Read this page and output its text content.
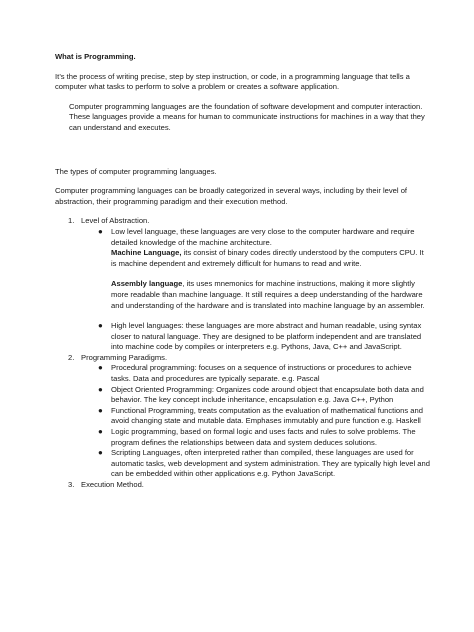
What is Programming.

It’s the process of writing precise, step by step instruction, or code, in a programming language that tells a computer what tasks to perform to solve a problem or creates a software application.

Computer programming languages are the foundation of software development and computer interaction. These languages provide a means for human to communicate instructions for machines in a way that they can understand and executes.

The types of computer programming languages.

Computer programming languages can be broadly categorized in several ways, including by their level of abstraction, their programming paradigm and their execution method.

1. Level of Abstraction.
● Low level language, these languages are very close to the computer hardware and require detailed knowledge of the machine architecture.

Machine Language, its consist of binary codes directly understood by the computers CPU. It is machine dependent and extremely difficult for humans to read and write.

Assembly language, its uses mnemonics for machine instructions, making it more slightly more readable than machine language. It still requires a deep understanding of the hardware and understanding of the hardware and is translated into machine language by an assembler.

● High level languages: these languages are more abstract and human readable, using syntax closer to natural language. They are designed to be platform independent and are translated into machine code by compiles or interpreters e.g. Pythons, Java, C++ and JavaScript.
2. Programming Paradigms.
● Procedural programming: focuses on a sequence of instructions or procedures to achieve tasks. Data and procedures are typically separate. e.g. Pascal
● Object Oriented Programming: Organizes code around object that encapsulate both data and behavior. The key concept include inheritance, encapsulation e.g. Java C++, Python
● Functional Programming, treats computation as the evaluation of mathematical functions and avoid changing state and mutable data. Emphases immutably and pure function e.g. Haskell
● Logic programming, based on formal logic and uses facts and rules to solve problems. The program defines the relationships between data and system deduces solutions.
● Scripting Languages, often interpreted rather than compiled, these languages are used for automatic tasks, web development and system administration. They are typically high level and can be embedded within other applications e.g. Python JavaScript.
3. Execution Method.
